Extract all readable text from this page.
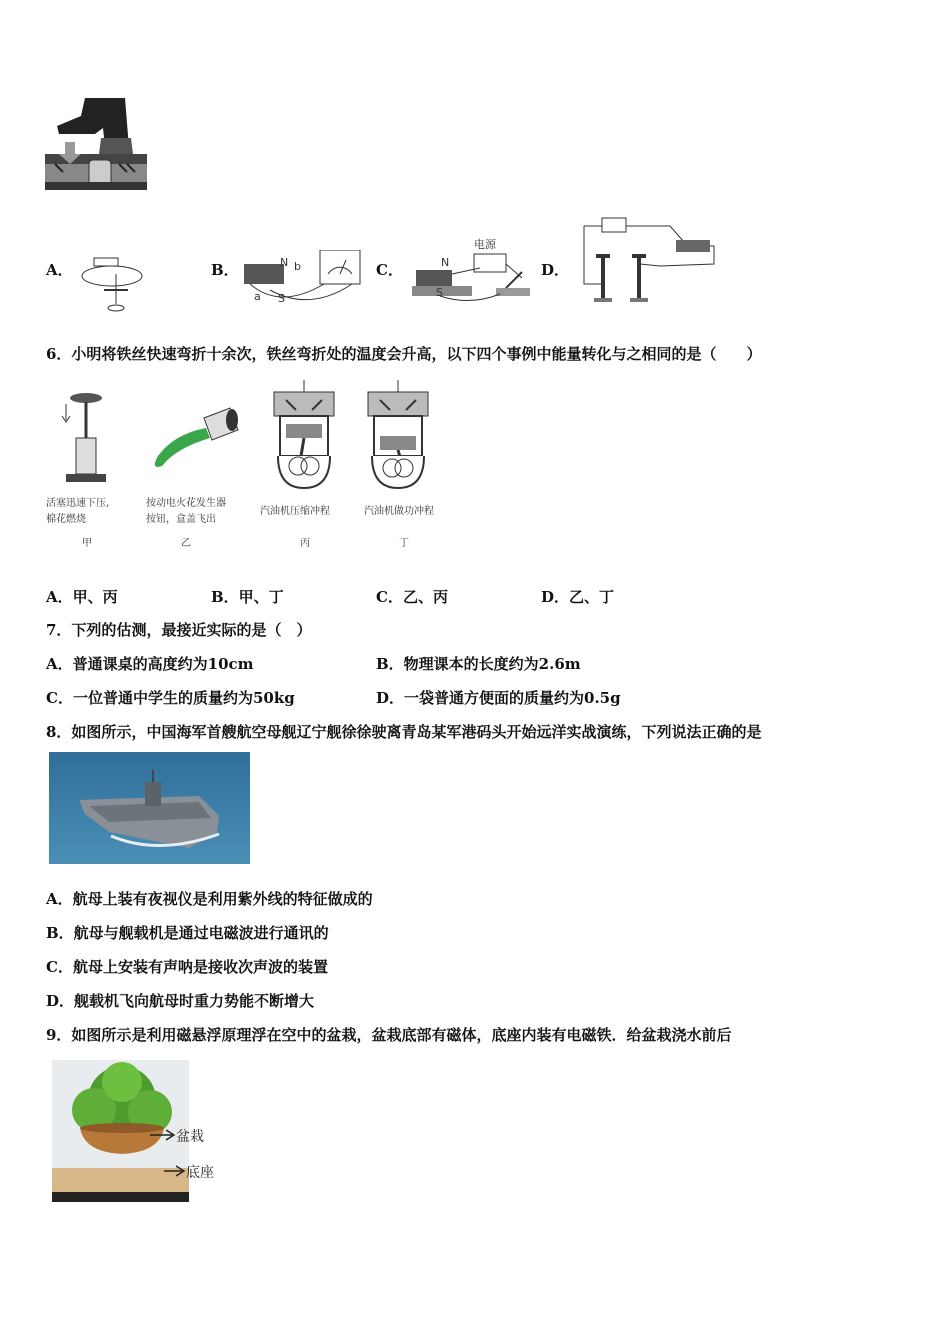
A．	B．	N b
a S
C．
电源
N
S
D．
6．小明将铁丝快速弯折十余次，铁丝弯折处的温度会升高，以下四个事例中能量转化与之相同的是（　　）
活塞迅速下压,
棉花燃烧
甲
按动电火花发生器
按钮，盒盖飞出
乙
汽油机压缩冲程
丙
汽油机做功冲程
丁
A．甲、丙	B．甲、丁	C．乙、丙	D．乙、丁
7．下列的估测，最接近实际的是（　）
A．普通课桌的高度约为10cm	B．物理课本的长度约为2.6m
C．一位普通中学生的质量约为50kg	D．一袋普通方便面的质量约为0.5g
8．如图所示，中国海军首艘航空母舰辽宁舰徐徐驶离青岛某军港码头开始远洋实战演练，下列说法正确的是
A．航母上装有夜视仪是利用紫外线的特征做成的
B．航母与舰载机是通过电磁波进行通讯的
C．航母上安装有声呐是接收次声波的装置
D．舰载机飞向航母时重力势能不断增大
9．如图所示是利用磁悬浮原理浮在空中的盆栽，盆栽底部有磁体，底座内装有电磁铁．给盆栽浇水前后
盆栽
底座
